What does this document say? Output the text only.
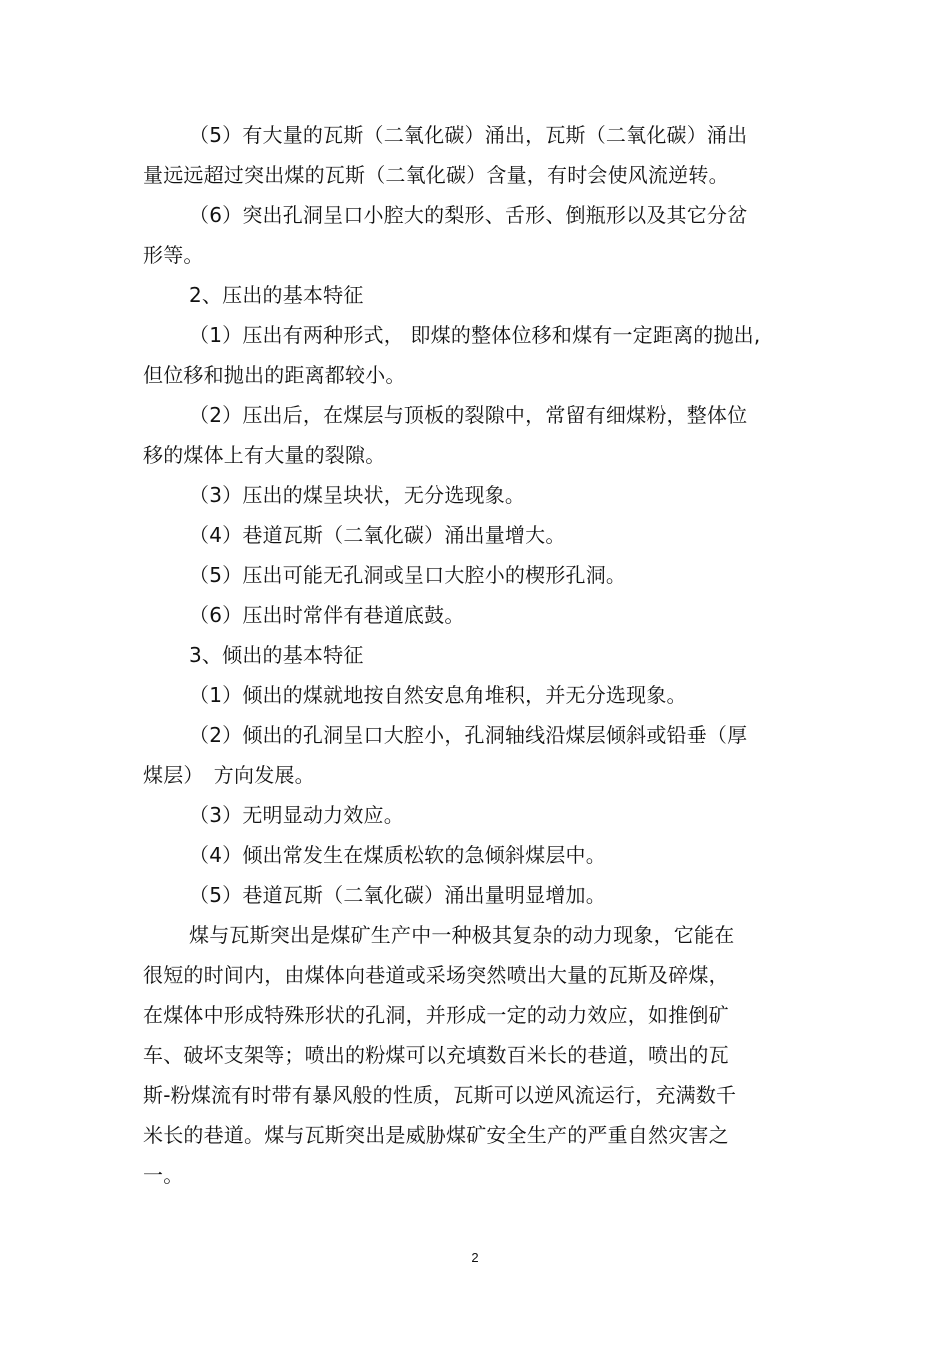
（5）有大量的瓦斯（二氧化碳）涌出，瓦斯（二氧化碳）涌出
量远远超过突出煤的瓦斯（二氧化碳）含量，有时会使风流逆转。
（6）突出孔洞呈口小腔大的梨形、舌形、倒瓶形以及其它分岔
形等。
2、压出的基本特征
（1）压出有两种形式， 即煤的整体位移和煤有一定距离的抛出,
但位移和抛出的距离都较小。
（2）压出后，在煤层与顶板的裂隙中，常留有细煤粉，整体位
移的煤体上有大量的裂隙。
（3）压出的煤呈块状，无分选现象。
（4）巷道瓦斯（二氧化碳）涌出量增大。
（5）压出可能无孔洞或呈口大腔小的楔形孔洞。
（6）压出时常伴有巷道底鼓。
3、倾出的基本特征
（1）倾出的煤就地按自然安息角堆积，并无分选现象。
（2）倾出的孔洞呈口大腔小，孔洞轴线沿煤层倾斜或铅垂（厚
煤层）　方向发展。
（3）无明显动力效应。
（4）倾出常发生在煤质松软的急倾斜煤层中。
（5）巷道瓦斯（二氧化碳）涌出量明显增加。
煤与瓦斯突出是煤矿生产中一种极其复杂的动力现象，它能在
很短的时间内，由煤体向巷道或采场突然喷出大量的瓦斯及碎煤，
在煤体中形成特殊形状的孔洞，并形成一定的动力效应，如推倒矿
车、破坏支架等；喷出的粉煤可以充填数百米长的巷道，喷出的瓦
斯-粉煤流有时带有暴风般的性质，瓦斯可以逆风流运行，充满数千
米长的巷道。煤与瓦斯突出是威胁煤矿安全生产的严重自然灾害之
一。
2
